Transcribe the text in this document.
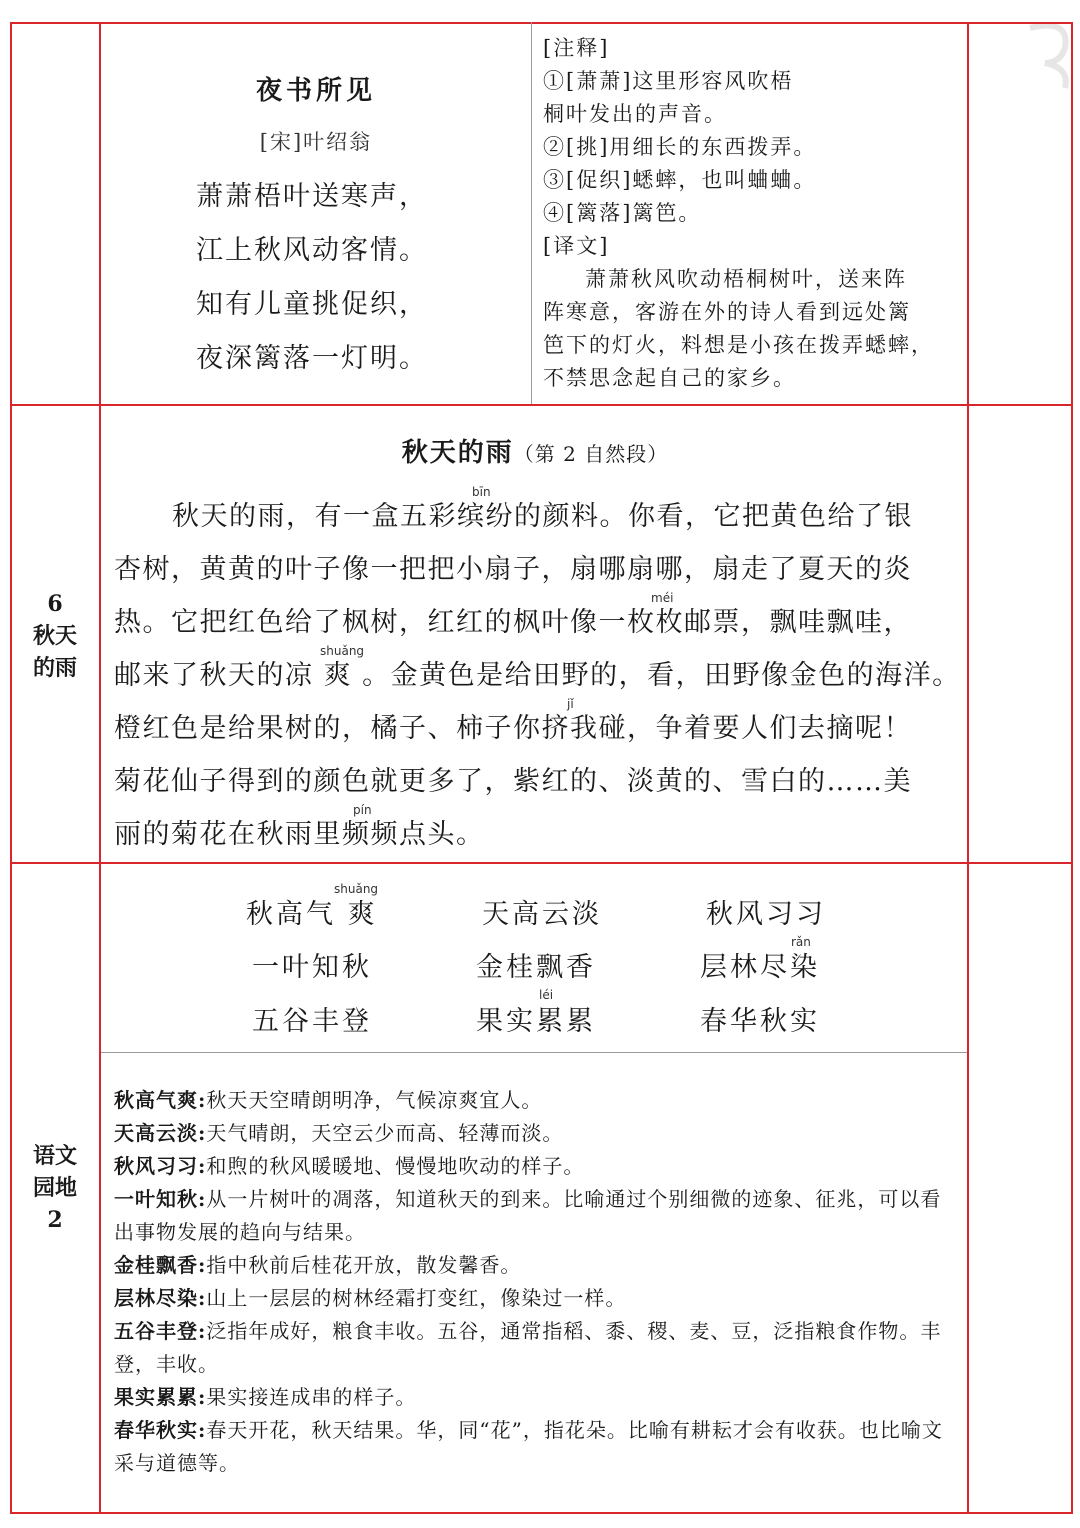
6
秋天
的雨
语文
园地
2
夜书所见
[宋]叶绍翁
萧萧梧叶送寒声，
江上秋风动客情。
知有儿童挑促织，
夜深篱落一灯明。
[注释]
①[萧萧]这里形容风吹梧
桐叶发出的声音。
②[挑]用细长的东西拨弄。
③[促织]蟋蟀，也叫蛐蛐。
④[篱落]篱笆。
[译文]
萧萧秋风吹动梧桐树叶，送来阵
阵寒意，客游在外的诗人看到远处篱
笆下的灯火，料想是小孩在拨弄蟋蟀，
不禁思念起自己的家乡。
秋天的雨（第 2 自然段）
秋天的雨，有一盒五彩缤纷的颜料。你看，它把黄色给了银
杏树，黄黄的叶子像一把把小扇子，扇哪扇哪，扇走了夏天的炎
热。它把红色给了枫树，红红的枫叶像一枚枚邮票，飘哇飘哇，
邮来了秋天的凉 爽 。金黄色是给田野的，看，田野像金色的海洋。
橙红色是给果树的，橘子、柿子你挤我碰，争着要人们去摘呢！
菊花仙子得到的颜色就更多了，紫红的、淡黄的、雪白的……美
丽的菊花在秋雨里频频点头。
bīn
méi
shuǎng
jǐ
pín
秋高气 爽	天高云淡	秋风习习
一叶知秋	金桂飘香	层林尽染
五谷丰登	果实累累	春华秋实
shuǎng
rǎn
léi
秋高气爽:秋天天空晴朗明净，气候凉爽宜人。
天高云淡:天气晴朗，天空云少而高、轻薄而淡。
秋风习习:和煦的秋风暖暖地、慢慢地吹动的样子。
一叶知秋:从一片树叶的凋落，知道秋天的到来。比喻通过个别细微的迹象、征兆，可以看出事物发展的趋向与结果。
金桂飘香:指中秋前后桂花开放，散发馨香。
层林尽染:山上一层层的树林经霜打变红，像染过一样。
五谷丰登:泛指年成好，粮食丰收。五谷，通常指稻、黍、稷、麦、豆，泛指粮食作物。丰登，丰收。
果实累累:果实接连成串的样子。
春华秋实:春天开花，秋天结果。华，同“花”，指花朵。比喻有耕耘才会有收获。也比喻文采与道德等。
